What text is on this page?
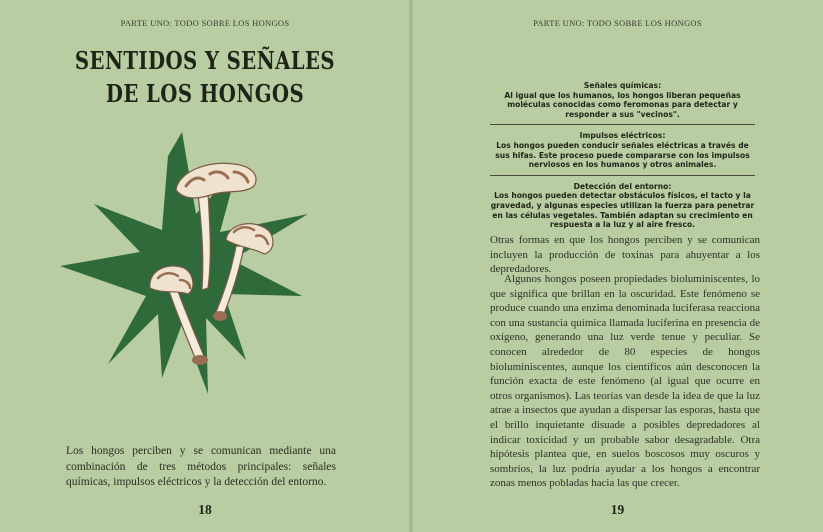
PARTE UNO: TODO SOBRE LOS HONGOS
SENTIDOS Y SEÑALES
DE LOS HONGOS
Los hongos perciben y se comunican mediante una combinación de tres métodos principales: señales químicas, impulsos eléctricos y la detección del entorno.
18
PARTE UNO: TODO SOBRE LOS HONGOS
Señales químicas:
Al igual que los humanos, los hongos liberan pequeñas moléculas conocidas como feromonas para detectar y responder a sus "vecinos".
Impulsos eléctricos:
Los hongos pueden conducir señales eléctricas a través de sus hifas. Este proceso puede compararse con los impulsos nerviosos en los humanos y otros animales.
Detección del entorno:
Los hongos pueden detectar obstáculos físicos, el tacto y la gravedad, y algunas especies utilizan la fuerza para penetrar en las células vegetales. También adaptan su crecimiento en respuesta a la luz y al aire fresco.
Otras formas en que los hongos perciben y se comunican incluyen la producción de toxinas para ahuyentar a los depredadores.
Algunos hongos poseen propiedades bioluminiscentes, lo que significa que brillan en la oscuridad. Este fenómeno se produce cuando una enzima denominada luciferasa reacciona con una sustancia química llamada luciferina en presencia de oxígeno, generando una luz verde tenue y peculiar. Se conocen alrededor de 80 especies de hongos bioluminiscentes, aunque los científicos aún desconocen la función exacta de este fenómeno (al igual que ocurre en otros organismos). Las teorías van desde la idea de que la luz atrae a insectos que ayudan a dispersar las esporas, hasta que el brillo inquietante disuade a posibles depredadores al indicar toxicidad y un probable sabor desagradable. Otra hipótesis plantea que, en suelos boscosos muy oscuros y sombríos, la luz podría ayudar a los hongos a encontrar zonas menos pobladas hacia las que crecer.
19
